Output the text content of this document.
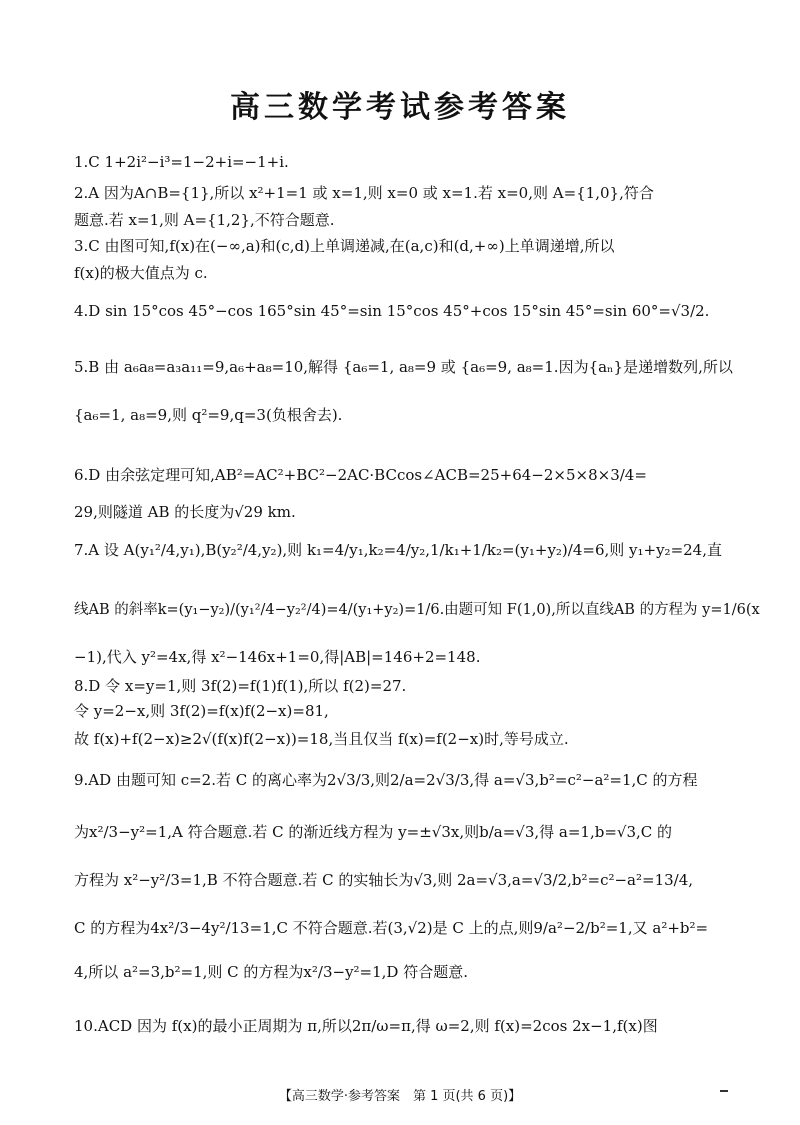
高三数学考试参考答案
1.C 1+2i²−i³=1−2+i=−1+i.
2.A 因为A∩B={1},所以 x²+1=1 或 x=1,则 x=0 或 x=1.若 x=0,则 A={1,0},符合
题意.若 x=1,则 A={1,2},不符合题意.
3.C 由图可知,f(x)在(−∞,a)和(c,d)上单调递减,在(a,c)和(d,+∞)上单调递增,所以
f(x)的极大值点为 c.
4.D sin 15°cos 45°−cos 165°sin 45°=sin 15°cos 45°+cos 15°sin 45°=sin 60°=√3/2.
5.B 由 a₆a₈=a₃a₁₁=9,a₆+a₈=10,解得 {a₆=1, a₈=9 或 {a₆=9, a₈=1.因为{aₙ}是递增数列,所以
{a₆=1, a₈=9,则 q²=9,q=3(负根舍去).
6.D 由余弦定理可知,AB²=AC²+BC²−2AC·BCcos∠ACB=25+64−2×5×8×3/4=
29,则隧道 AB 的长度为√29 km.
7.A 设 A(y₁²/4,y₁),B(y₂²/4,y₂),则 k₁=4/y₁,k₂=4/y₂,1/k₁+1/k₂=(y₁+y₂)/4=6,则 y₁+y₂=24,直
线AB 的斜率k=(y₁−y₂)/(y₁²/4−y₂²/4)=4/(y₁+y₂)=1/6.由题可知 F(1,0),所以直线AB 的方程为 y=1/6(x
−1),代入 y²=4x,得 x²−146x+1=0,得|AB|=146+2=148.
8.D 令 x=y=1,则 3f(2)=f(1)f(1),所以 f(2)=27.
令 y=2−x,则 3f(2)=f(x)f(2−x)=81,
故 f(x)+f(2−x)≥2√(f(x)f(2−x))=18,当且仅当 f(x)=f(2−x)时,等号成立.
9.AD 由题可知 c=2.若 C 的离心率为2√3/3,则2/a=2√3/3,得 a=√3,b²=c²−a²=1,C 的方程
为x²/3−y²=1,A 符合题意.若 C 的渐近线方程为 y=±√3x,则b/a=√3,得 a=1,b=√3,C 的
方程为 x²−y²/3=1,B 不符合题意.若 C 的实轴长为√3,则 2a=√3,a=√3/2,b²=c²−a²=13/4,
C 的方程为4x²/3−4y²/13=1,C 不符合题意.若(3,√2)是 C 上的点,则9/a²−2/b²=1,又 a²+b²=
4,所以 a²=3,b²=1,则 C 的方程为x²/3−y²=1,D 符合题意.
10.ACD 因为 f(x)的最小正周期为 π,所以2π/ω=π,得 ω=2,则 f(x)=2cos 2x−1,f(x)图
【高三数学·参考答案　第 1 页(共 6 页)】
